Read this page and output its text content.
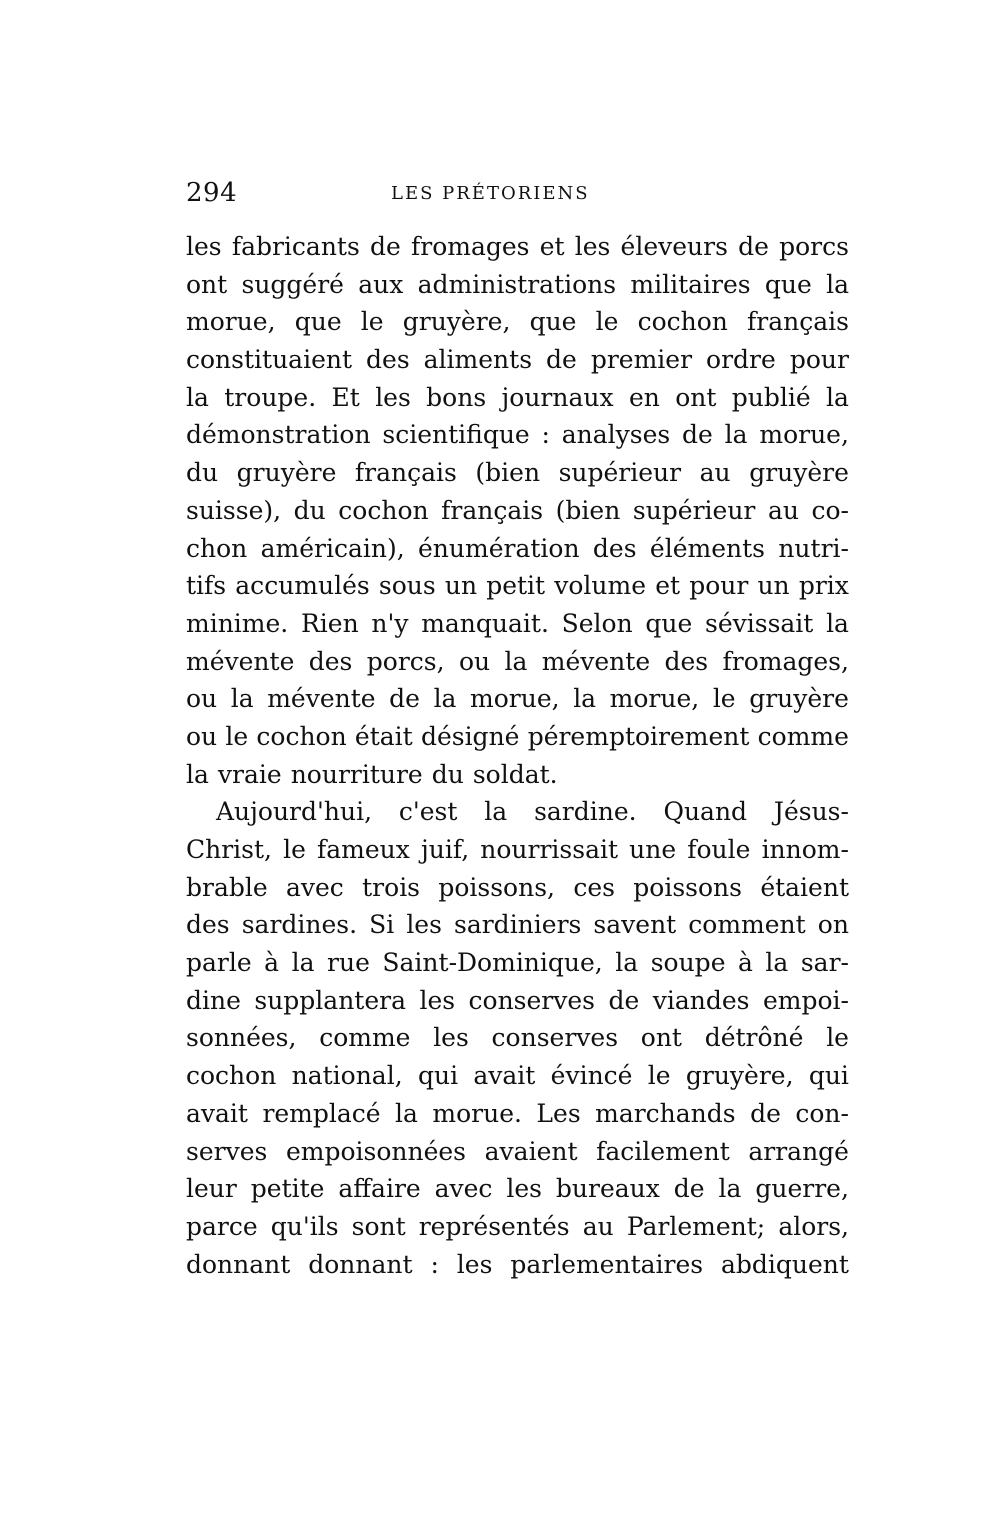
294	LES PRÉTORIENS
les fabricants de fromages et les éleveurs de porcs
ont suggéré aux administrations militaires que la
morue, que le gruyère, que le cochon français
constituaient des aliments de premier ordre pour
la troupe. Et les bons journaux en ont publié la
démonstration scientifique : analyses de la morue,
du gruyère français (bien supérieur au gruyère
suisse), du cochon français (bien supérieur au co-
chon américain), énumération des éléments nutri-
tifs accumulés sous un petit volume et pour un prix
minime. Rien n'y manquait. Selon que sévissait la
mévente des porcs, ou la mévente des fromages,
ou la mévente de la morue, la morue, le gruyère
ou le cochon était désigné péremptoirement comme
la vraie nourriture du soldat.
Aujourd'hui, c'est la sardine. Quand Jésus-
Christ, le fameux juif, nourrissait une foule innom-
brable avec trois poissons, ces poissons étaient
des sardines. Si les sardiniers savent comment on
parle à la rue Saint-Dominique, la soupe à la sar-
dine supplantera les conserves de viandes empoi-
sonnées, comme les conserves ont détrôné le
cochon national, qui avait évincé le gruyère, qui
avait remplacé la morue. Les marchands de con-
serves empoisonnées avaient facilement arrangé
leur petite affaire avec les bureaux de la guerre,
parce qu'ils sont représentés au Parlement; alors,
donnant donnant : les parlementaires abdiquent
